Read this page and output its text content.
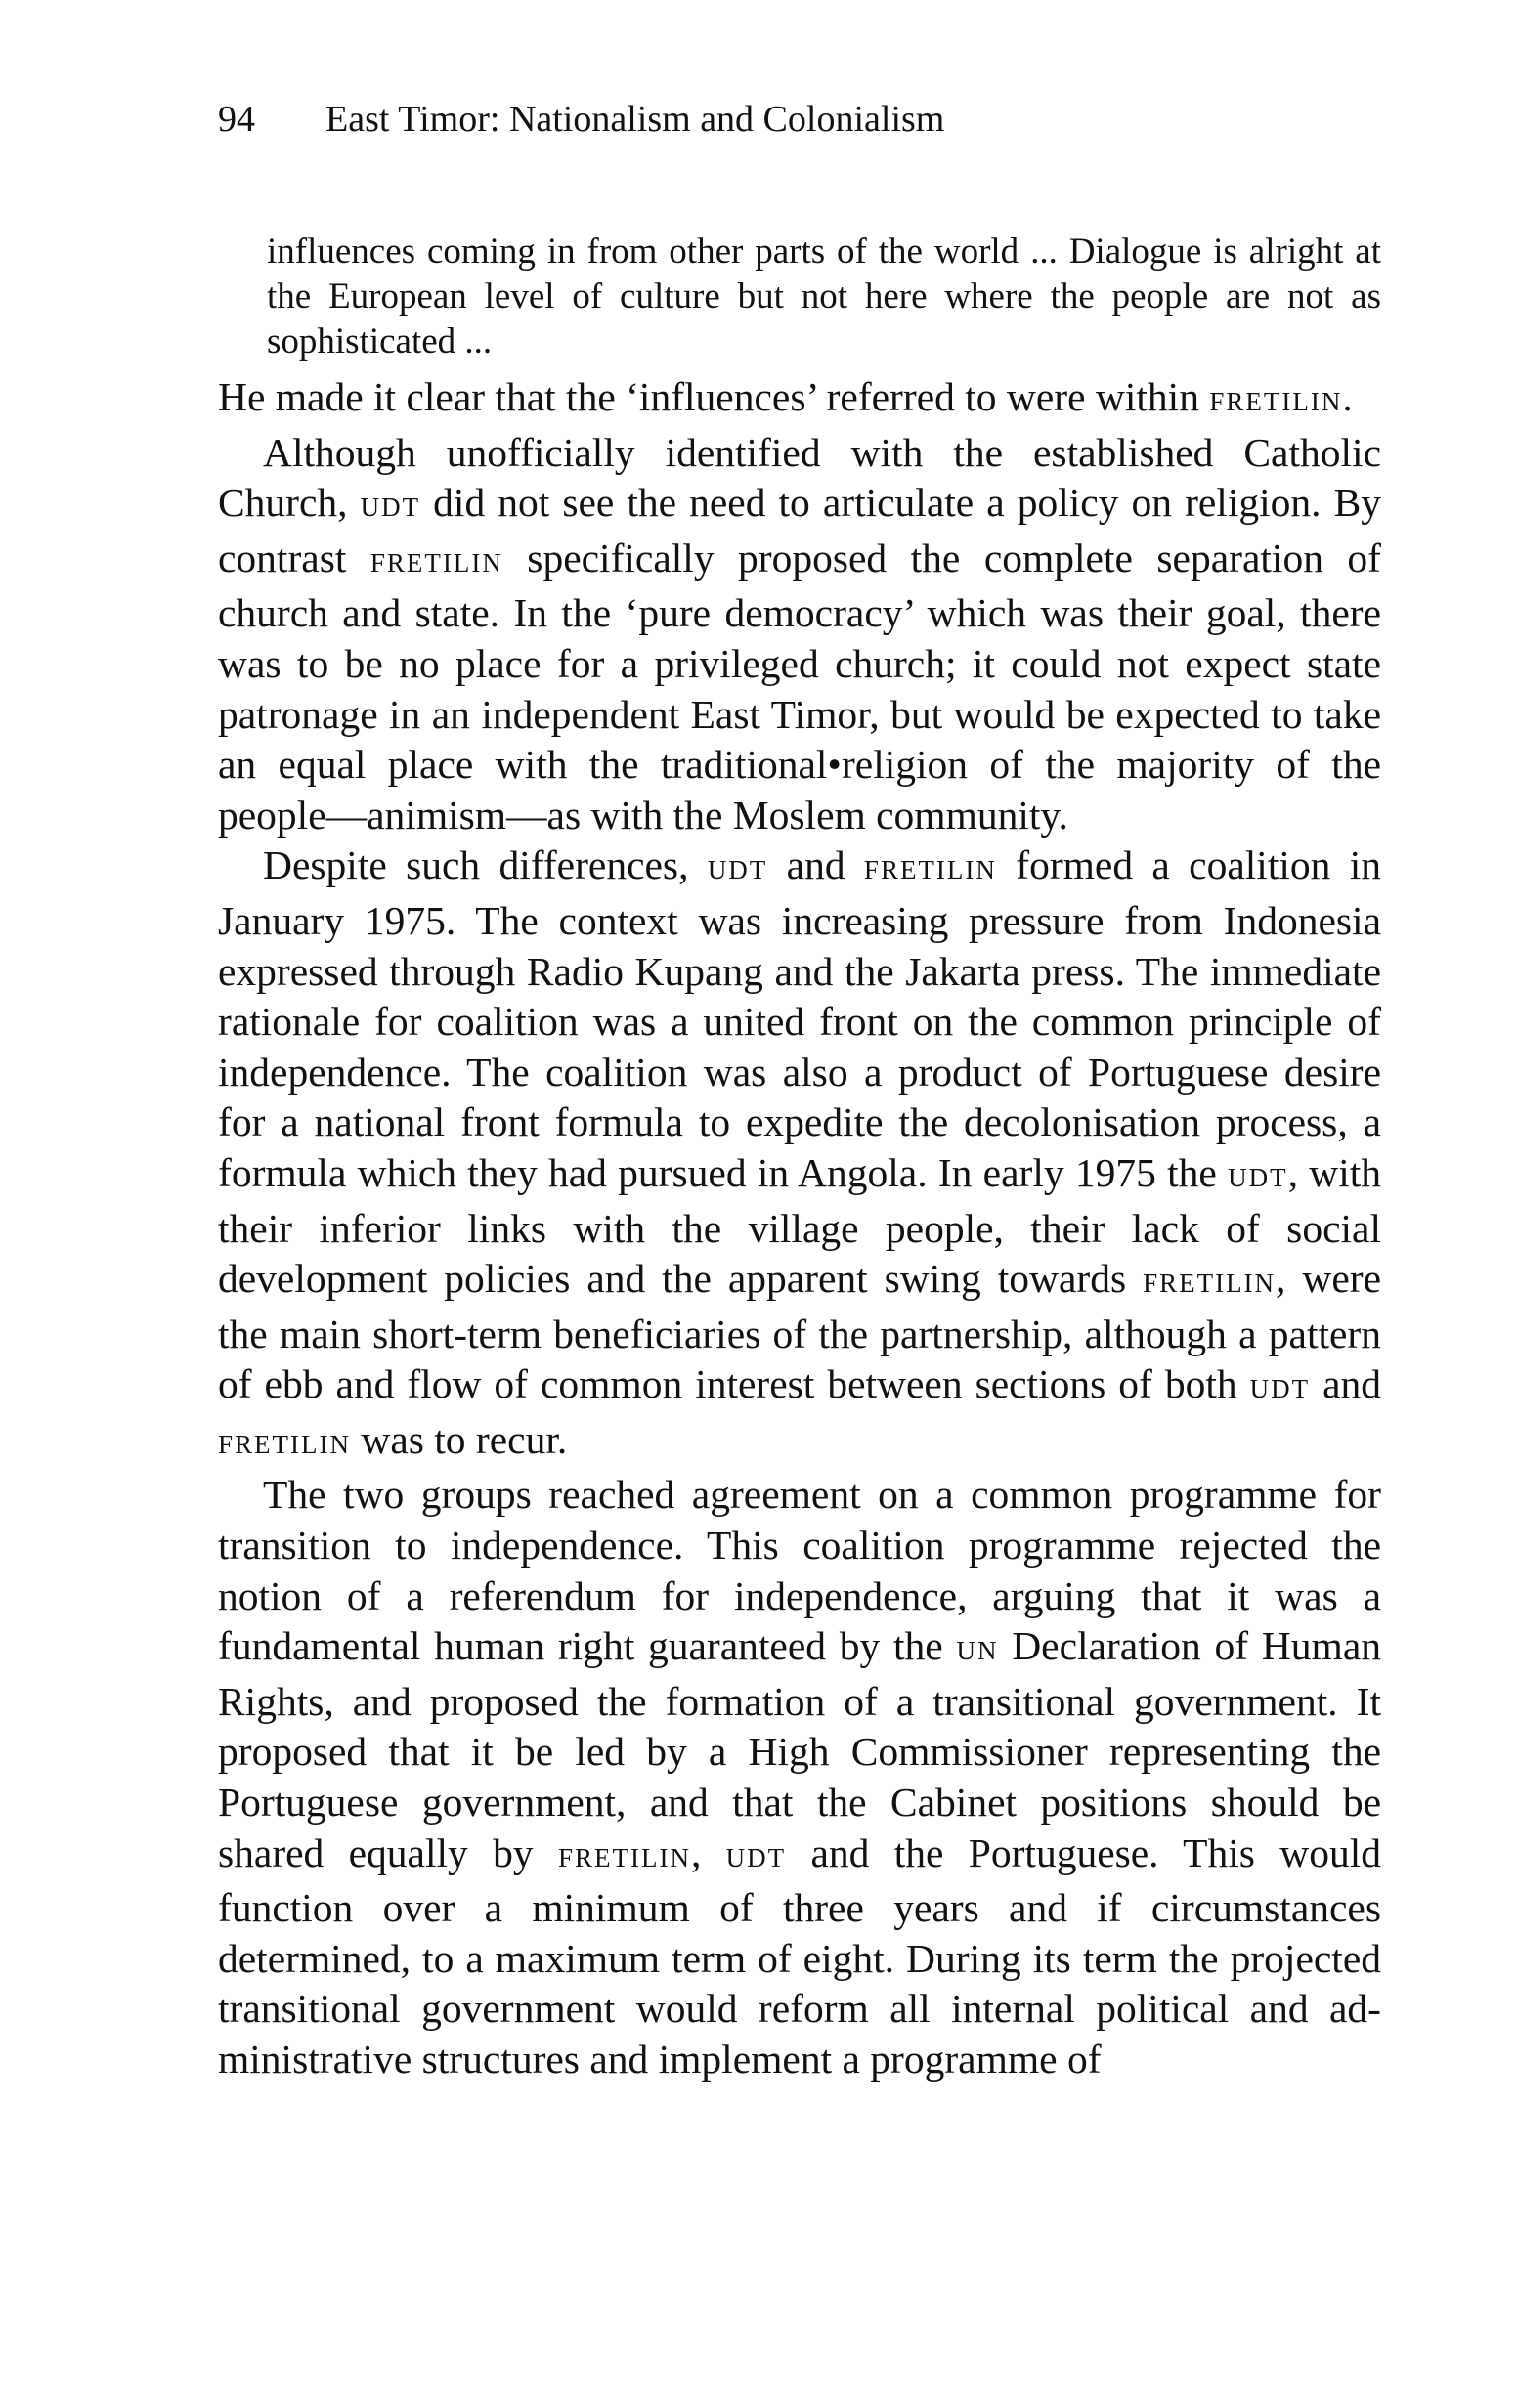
94 East Timor: Nationalism and Colonialism

influences coming in from other parts of the world ... Dialogue is alright at the European level of culture but not here where the people are not as sophisticated ...

He made it clear that the ‘influences’ referred to were within FRETILIN.

Although unofficially identified with the established Catholic Church, UDT did not see the need to articulate a policy on religion. By contrast FRETILIN specifically proposed the complete separation of church and state. In the ‘pure democracy’ which was their goal, there was to be no place for a privileged church; it could not expect state patronage in an independent East Timor, but would be expected to take an equal place with the traditional•religion of the majority of the people—animism—as with the Moslem community.

Despite such differences, UDT and FRETILIN formed a coalition in January 1975. The context was increasing pressure from Indonesia expressed through Radio Kupang and the Jakarta press. The immediate rationale for coalition was a united front on the common principle of independence. The coalition was also a product of Portuguese desire for a national front formula to expedite the decolonisation process, a formula which they had pursued in Angola. In early 1975 the UDT, with their inferior links with the village people, their lack of social development policies and the apparent swing towards FRETILIN, were the main short-term beneficiaries of the partnership, although a pattern of ebb and flow of common interest between sections of both UDT and FRETILIN was to recur.

The two groups reached agreement on a common programme for transition to independence. This coalition programme rejected the notion of a referendum for independence, arguing that it was a fundamental human right guaranteed by the UN Declaration of Human Rights, and proposed the formation of a transitional government. It proposed that it be led by a High Commissioner representing the Portuguese government, and that the Cabinet positions should be shared equally by FRETILIN, UDT and the Portuguese. This would function over a minimum of three years and if circumstances determined, to a maximum term of eight. During its term the projected transitional government would reform all internal political and administrative structures and implement a programme of
